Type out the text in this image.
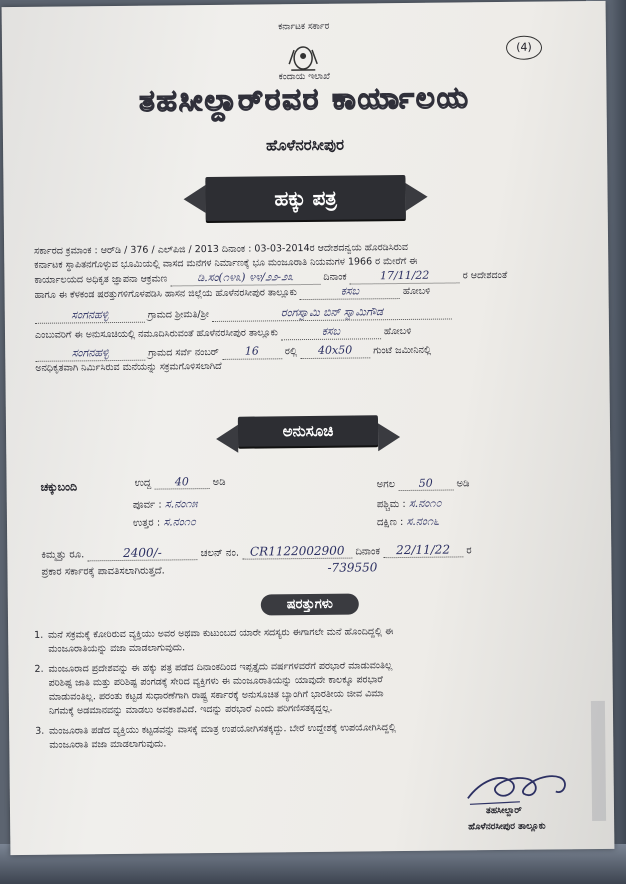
ಕರ್ನಾಟಕ ಸರ್ಕಾರ
(4)
ಕಂದಾಯ ಇಲಾಖೆ
ತಹಸೀಲ್ದಾರ್‌ರವರ ಕಾರ್ಯಾಲಯ
ಹೊಳೆನರಸೀಪುರ
ಹಕ್ಕು ಪತ್ರ
ಸರ್ಕಾರದ ಕ್ರಮಾಂಕ : ಆರ್‌ಡಿ / 376 / ಎಲ್‌ಪಿಜಿ / 2013 ದಿನಾಂಕ : 03-03-2014ರ ಆದೇಶದನ್ವಯ ಹೊರಡಿಸಿರುವ
ಕರ್ನಾಟಕ ಸ್ಥಾಪಿತನಗೊಳ್ಳುವ ಭೂಮಿಯಲ್ಲಿ ವಾಸದ ಮನೆಗಳ ನಿರ್ಮಾಣಕ್ಕೆ ಭೂ ಮಂಜೂರಾತಿ ನಿಯಮಗಳ 1966 ರ ಮೇರೆಗೆ ಈ
ಕಾರ್ಯಾಲಯದ ಅಧಿಕೃತ ಜ್ಞಾಪನಾ ಆಕ್ರಮಣ	ಡಿ.ಸಂ(೧೪೩) ೪೪/೨೨-೨೩	ದಿನಾಂಕ	17/11/22	ರ ಆದೇಶದಂತೆ
ಹಾಗೂ ಈ ಕೆಳಕಂಡ ಷರತ್ತುಗಳಿಗೊಳಪಡಿಸಿ ಹಾಸನ ಜಿಲ್ಲೆಯ ಹೊಳೆನರಸೀಪುರ ತಾಲ್ಲೂಕು	ಕಸಬ	ಹೋಬಳಿ
ಸಂಗನಹಳ್ಳಿ	ಗ್ರಾಮದ ಶ್ರೀಮತಿ/ಶ್ರೀ	ರಂಗಸ್ವಾಮಿ ಬಿನ್ ಸ್ವಾಮಿಗೌಡ
ಎಂಬುವರಿಗೆ ಈ ಅನುಸೂಚಿಯಲ್ಲಿ ನಮೂದಿಸಿರುವಂತೆ ಹೊಳೆನರಸೀಪುರ ತಾಲ್ಲೂಕು	ಕಸಬ	ಹೋಬಳಿ
ಸಂಗನಹಳ್ಳಿ	ಗ್ರಾಮದ ಸರ್ವೆ ನಂಬರ್ 16	ರಲ್ಲಿ 40x50 ಗುಂಟೆ ಜಮೀನಿನಲ್ಲಿ
ಅನಧಿಕೃತವಾಗಿ ನಿರ್ಮಿಸಿರುವ ಮನೆಯನ್ನು ಸಕ್ರಮಗೊಳಿಸಲಾಗಿದೆ
ಅನುಸೂಚಿ
ಚಕ್ಕುಬಂದಿ	ಉದ್ದ 40 ಅಡಿ	ಅಗಲ 50 ಅಡಿ
ಪೂರ್ವ : ಸ.ನಂ೧೫	ಪಶ್ಚಿಮ : ಸ.ನಂ೧೦
ಉತ್ತರ : ಸ.ನಂ೧೦	ದಕ್ಷಿಣ : ಸ.ನಂ೧೬
ಕಿಮ್ಮತ್ತು ರೂ.	2400/-	ಚಲನ್ ನಂ. CR1122002900 ದಿನಾಂಕ 22/11/22 ರ
ಪ್ರಕಾರ ಸರ್ಕಾರಕ್ಕೆ ಪಾವತಿಸಲಾಗಿರುತ್ತದೆ.	-739550
ಷರತ್ತುಗಳು
1. ಮನೆ ಸಕ್ರಮಕ್ಕೆ ಕೋರಿರುವ ವ್ಯಕ್ತಿಯು ಅವರ ಅಥವಾ ಕುಟುಂಬದ ಯಾರೇ ಸದಸ್ಯರು ಈಗಾಗಲೇ ಮನೆ ಹೊಂದಿದ್ದಲ್ಲಿ ಈ
ಮಂಜೂರಾತಿಯನ್ನು ವಜಾ ಮಾಡಲಾಗುವುದು.
2. ಮಂಜೂರಾದ ಪ್ರದೇಶವನ್ನು ಈ ಹಕ್ಕು ಪತ್ರ ಪಡೆದ ದಿನಾಂಕದಿಂದ ಇಪ್ಪತ್ತೈದು ವರ್ಷಗಳವರೆಗೆ ಪರಭಾರೆ ಮಾಡುವಂತಿಲ್ಲ
ಪರಿಶಿಷ್ಟ ಜಾತಿ ಮತ್ತು ಪರಿಶಿಷ್ಟ ಪಂಗಡಕ್ಕೆ ಸೇರಿದ ವ್ಯಕ್ತಿಗಳು ಈ ಮಂಜೂರಾತಿಯನ್ನು ಯಾವುದೇ ಕಾಲಕ್ಕೂ ಪರಭಾರೆ
ಮಾಡುವಂತಿಲ್ಲ. ಪರಂತು ಕಟ್ಟಡ ಸುಧಾರಣೆಗಾಗಿ ರಾಷ್ಟ್ರ ಸರ್ಕಾರಕ್ಕೆ ಅನುಸೂಚಿತ ಬ್ಯಾಂಗಿಗೆ ಭಾರತೀಯ ಜೀವ ವಿಮಾ
ನಿಗಮಕ್ಕೆ ಅಡಮಾನವನ್ನು ಮಾಡಲು ಅವಕಾಶವಿದೆ. ಇದನ್ನು ಪರಭಾರೆ ಎಂದು ಪರಿಗಣಿಸತಕ್ಕದ್ದಲ್ಲ.
3. ಮಂಜೂರಾತಿ ಪಡೆದ ವ್ಯಕ್ತಿಯು ಕಟ್ಟಡವನ್ನು ವಾಸಕ್ಕೆ ಮಾತ್ರ ಉಪಯೋಗಿಸತಕ್ಕದ್ದು. ಬೇರೆ ಉದ್ದೇಶಕ್ಕೆ ಉಪಯೋಗಿಸಿದ್ದಲ್ಲಿ
ಮಂಜೂರಾತಿ ವಜಾ ಮಾಡಲಾಗುವುದು.
ತಹಸೀಲ್ದಾರ್
ಹೊಳೆನರಸೀಪುರ ತಾಲ್ಲೂಕು
